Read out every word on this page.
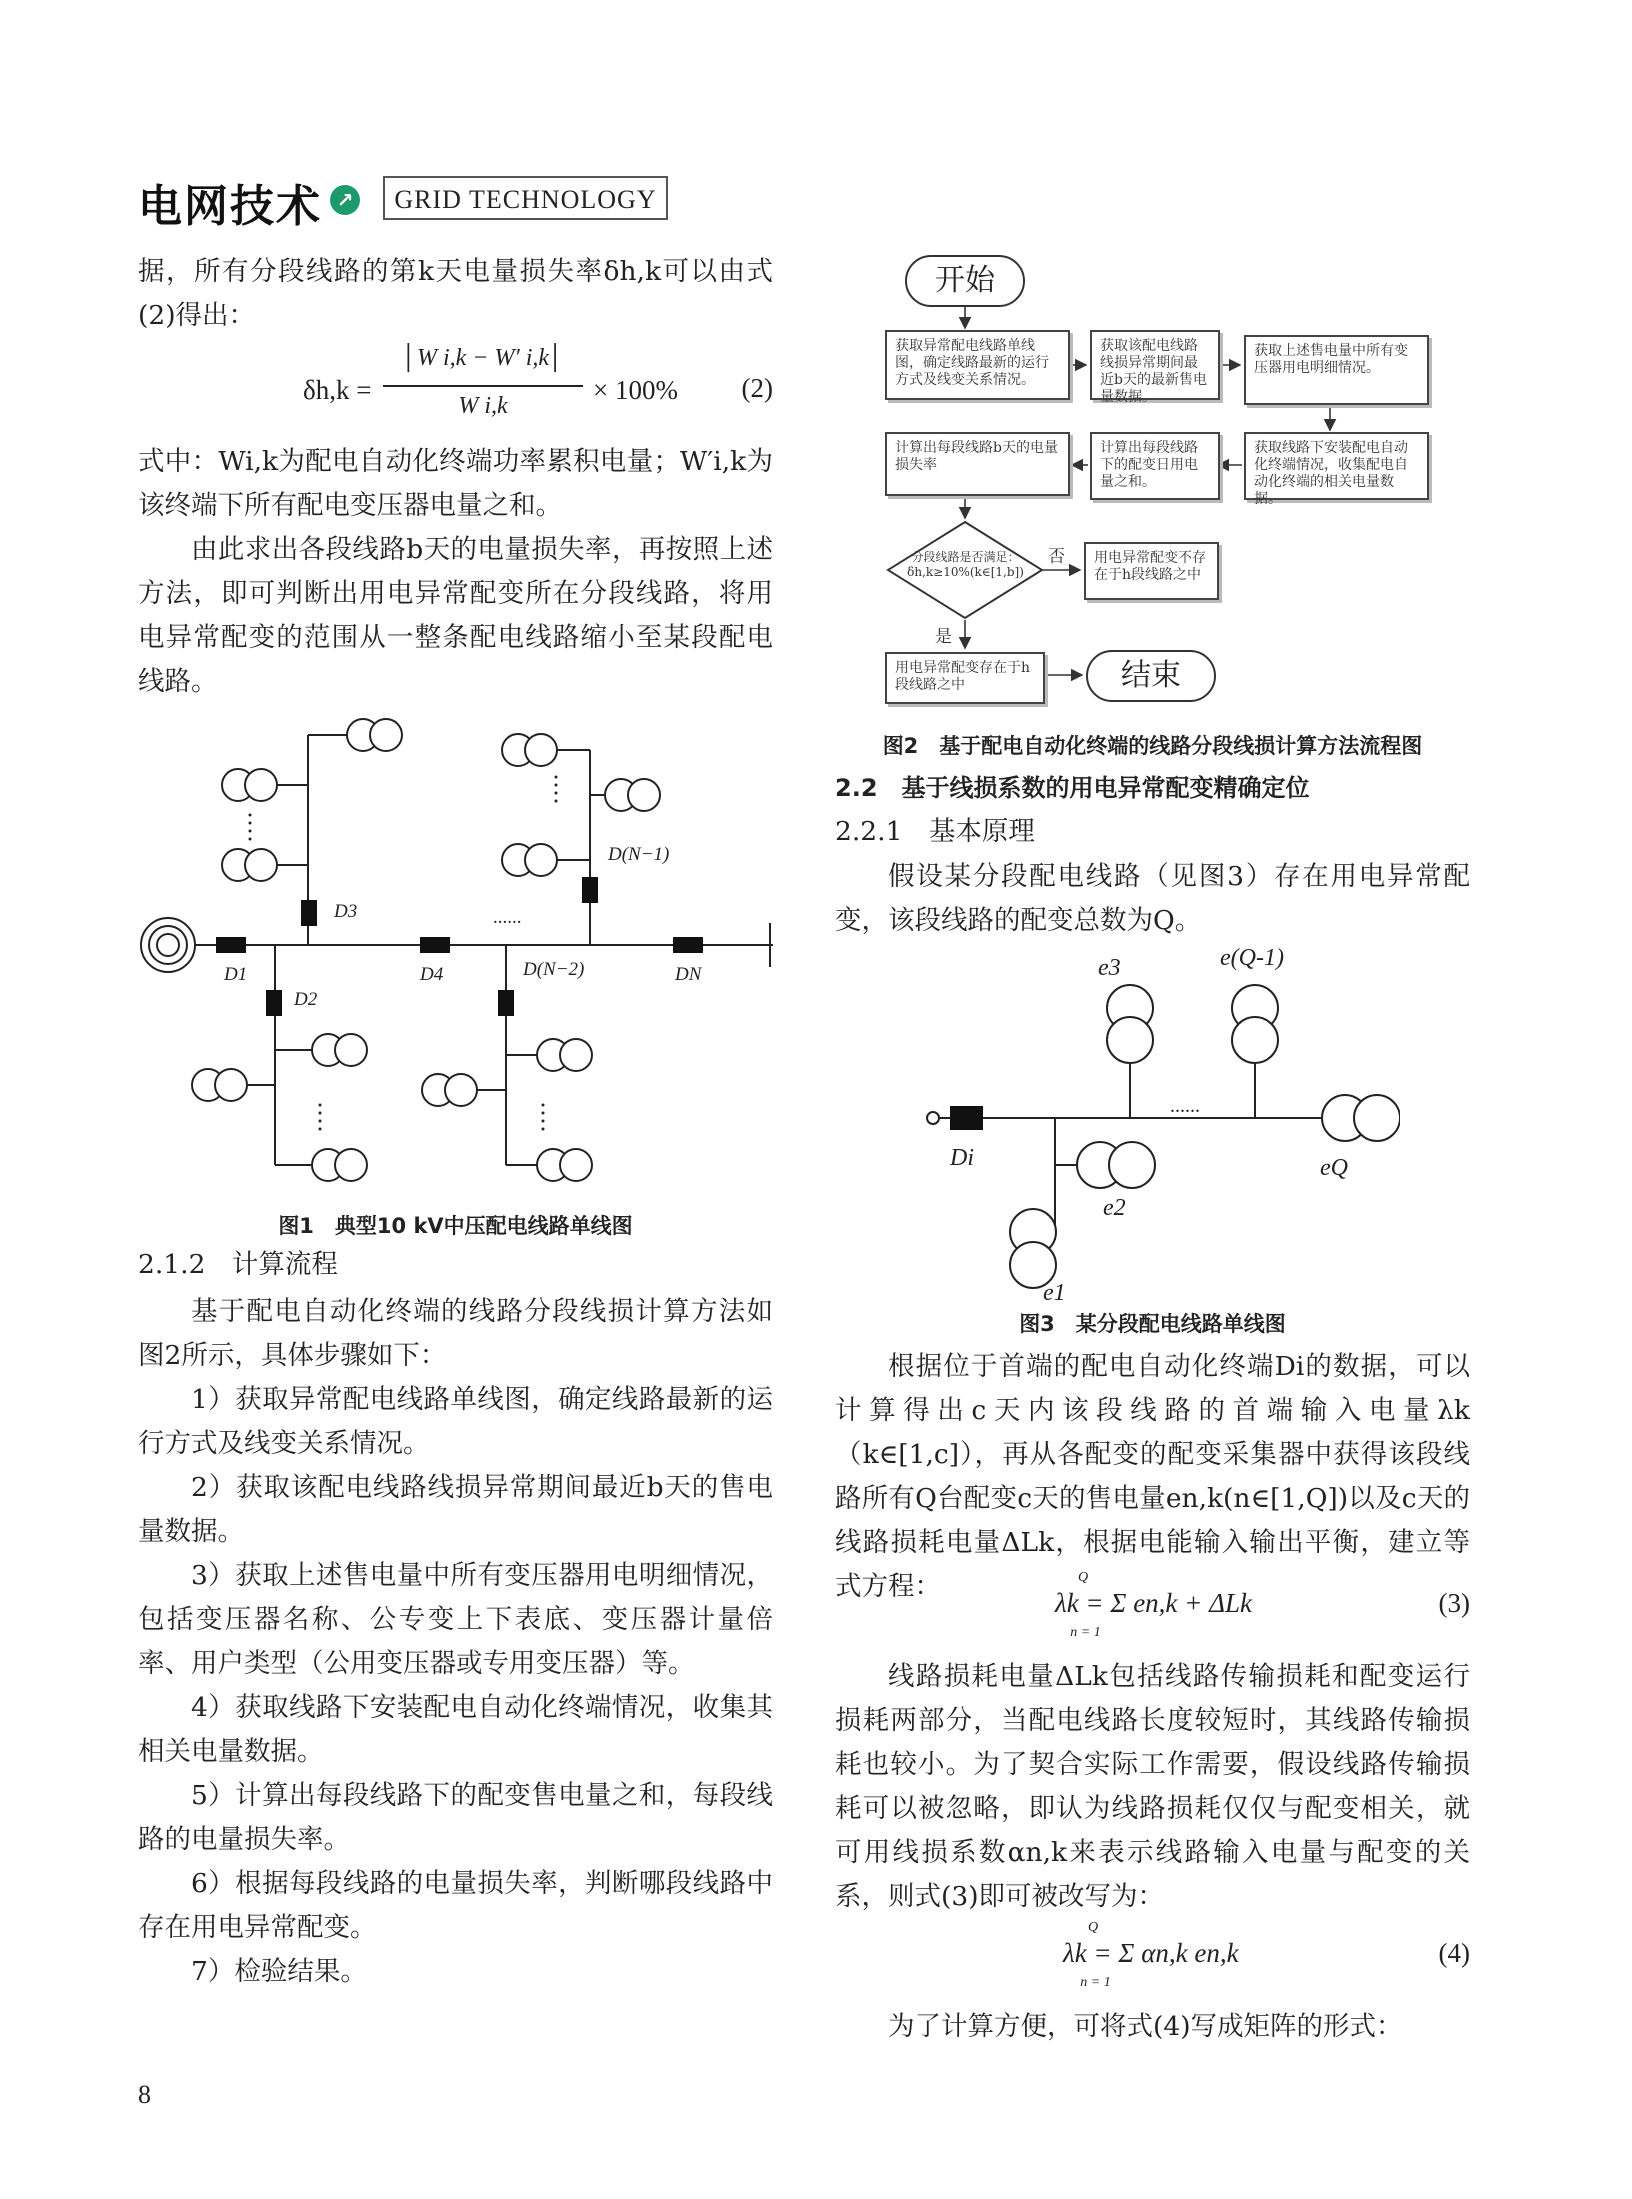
电网技术 ↗	GRID TECHNOLOGY
据，所有分段线路的第k天电量损失率δh,k可以由式(2)得出：
δh,k =
│W i,k − W′ i,k│
W i,k
× 100% (2)
式中：Wi,k为配电自动化终端功率累积电量；W′i,k为该终端下所有配电变压器电量之和。
由此求出各段线路b天的电量损失率，再按照上述方法，即可判断出用电异常配变所在分段线路，将用电异常配变的范围从一整条配电线路缩小至某段配电线路。
D1
D2
D3
D4	D(N−2)
D(N−1)
DN
......
图1　典型10 kV中压配电线路单线图
2.1.2　计算流程
基于配电自动化终端的线路分段线损计算方法如图2所示，具体步骤如下：
1）获取异常配电线路单线图，确定线路最新的运行方式及线变关系情况。
2）获取该配电线路线损异常期间最近b天的售电量数据。
3）获取上述售电量中所有变压器用电明细情况，包括变压器名称、公专变上下表底、变压器计量倍率、用户类型（公用变压器或专用变压器）等。
4）获取线路下安装配电自动化终端情况，收集其相关电量数据。
5）计算出每段线路下的配变售电量之和，每段线路的电量损失率。
6）根据每段线路的电量损失率，判断哪段线路中存在用电异常配变。
7）检验结果。
开始
获取异常配电线路单线图，确定线路最新的运行方式及线变关系情况。
获取该配电线路线损异常期间最近b天的最新售电量数据。
获取上述售电量中所有变压器用电明细情况。
获取线路下安装配电自动化终端情况，收集配电自动化终端的相关电量数据。
计算出每段线路下的配变日用电量之和。
计算出每段线路b天的电量损失率
分段线路是否满足：δh,k≥10%(k∈[1,b])
否
是
用电异常配变不存在于h段线路之中
用电异常配变存在于h段线路之中	结束
图2　基于配电自动化终端的线路分段线损计算方法流程图
2.2　基于线损系数的用电异常配变精确定位
2.2.1　基本原理
假设某分段配电线路（见图3）存在用电异常配变，该段线路的配变总数为Q。
Di
e1
e2
e3	e(Q-1)
eQ
......
图3　某分段配电线路单线图
根据位于首端的配电自动化终端Di的数据，可以计算得出c天内该段线路的首端输入电量λk（k∈[1,c]），再从各配变的配变采集器中获得该段线路所有Q台配变c天的售电量en,k(n∈[1,Q])以及c天的线路损耗电量ΔLk，根据电能输入输出平衡，建立等式方程：	Q
λk = Σ en,k + ΔLk
n = 1
(3)
线路损耗电量ΔLk包括线路传输损耗和配变运行损耗两部分，当配电线路长度较短时，其线路传输损耗也较小。为了契合实际工作需要，假设线路传输损耗可以被忽略，即认为线路损耗仅仅与配变相关，就可用线损系数αn,k来表示线路输入电量与配变的关系，则式(3)即可被改写为：
Q
λk = Σ αn,k en,k
n = 1
(4)
为了计算方便，可将式(4)写成矩阵的形式：
8
